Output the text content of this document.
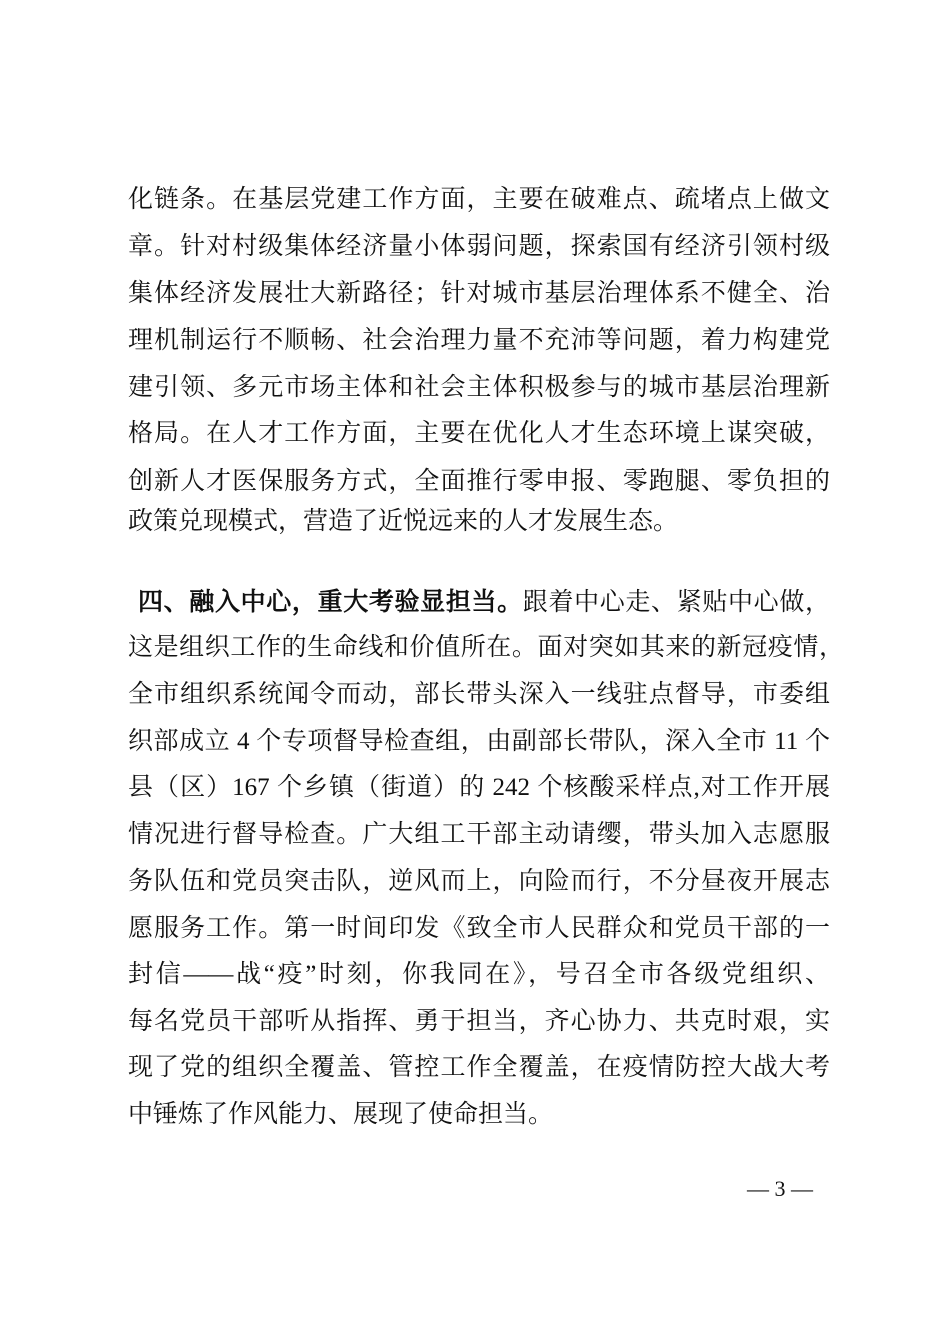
化链条。在基层党建工作方面，主要在破难点、疏堵点上做文
章。针对村级集体经济量小体弱问题，探索国有经济引领村级
集体经济发展壮大新路径；针对城市基层治理体系不健全、治
理机制运行不顺畅、社会治理力量不充沛等问题，着力构建党
建引领、多元市场主体和社会主体积极参与的城市基层治理新
格局。在人才工作方面，主要在优化人才生态环境上谋突破，
创新人才医保服务方式，全面推行零申报、零跑腿、零负担的
政策兑现模式，营造了近悦远来的人才发展生态。
四、融入中心，重大考验显担当。跟着中心走、紧贴中心做，
这是组织工作的生命线和价值所在。面对突如其来的新冠疫情，
全市组织系统闻令而动，部长带头深入一线驻点督导，市委组
织部成立 4 个专项督导检查组，由副部长带队，深入全市 11 个
县（区）167 个乡镇（街道）的 242 个核酸采样点,对工作开展
情况进行督导检查。广大组工干部主动请缨，带头加入志愿服
务队伍和党员突击队，逆风而上，向险而行，不分昼夜开展志
愿服务工作。第一时间印发《致全市人民群众和党员干部的一
封信——战“疫”时刻，你我同在》，号召全市各级党组织、
每名党员干部听从指挥、勇于担当，齐心协力、共克时艰，实
现了党的组织全覆盖、管控工作全覆盖，在疫情防控大战大考
中锤炼了作风能力、展现了使命担当。
— 3 —
